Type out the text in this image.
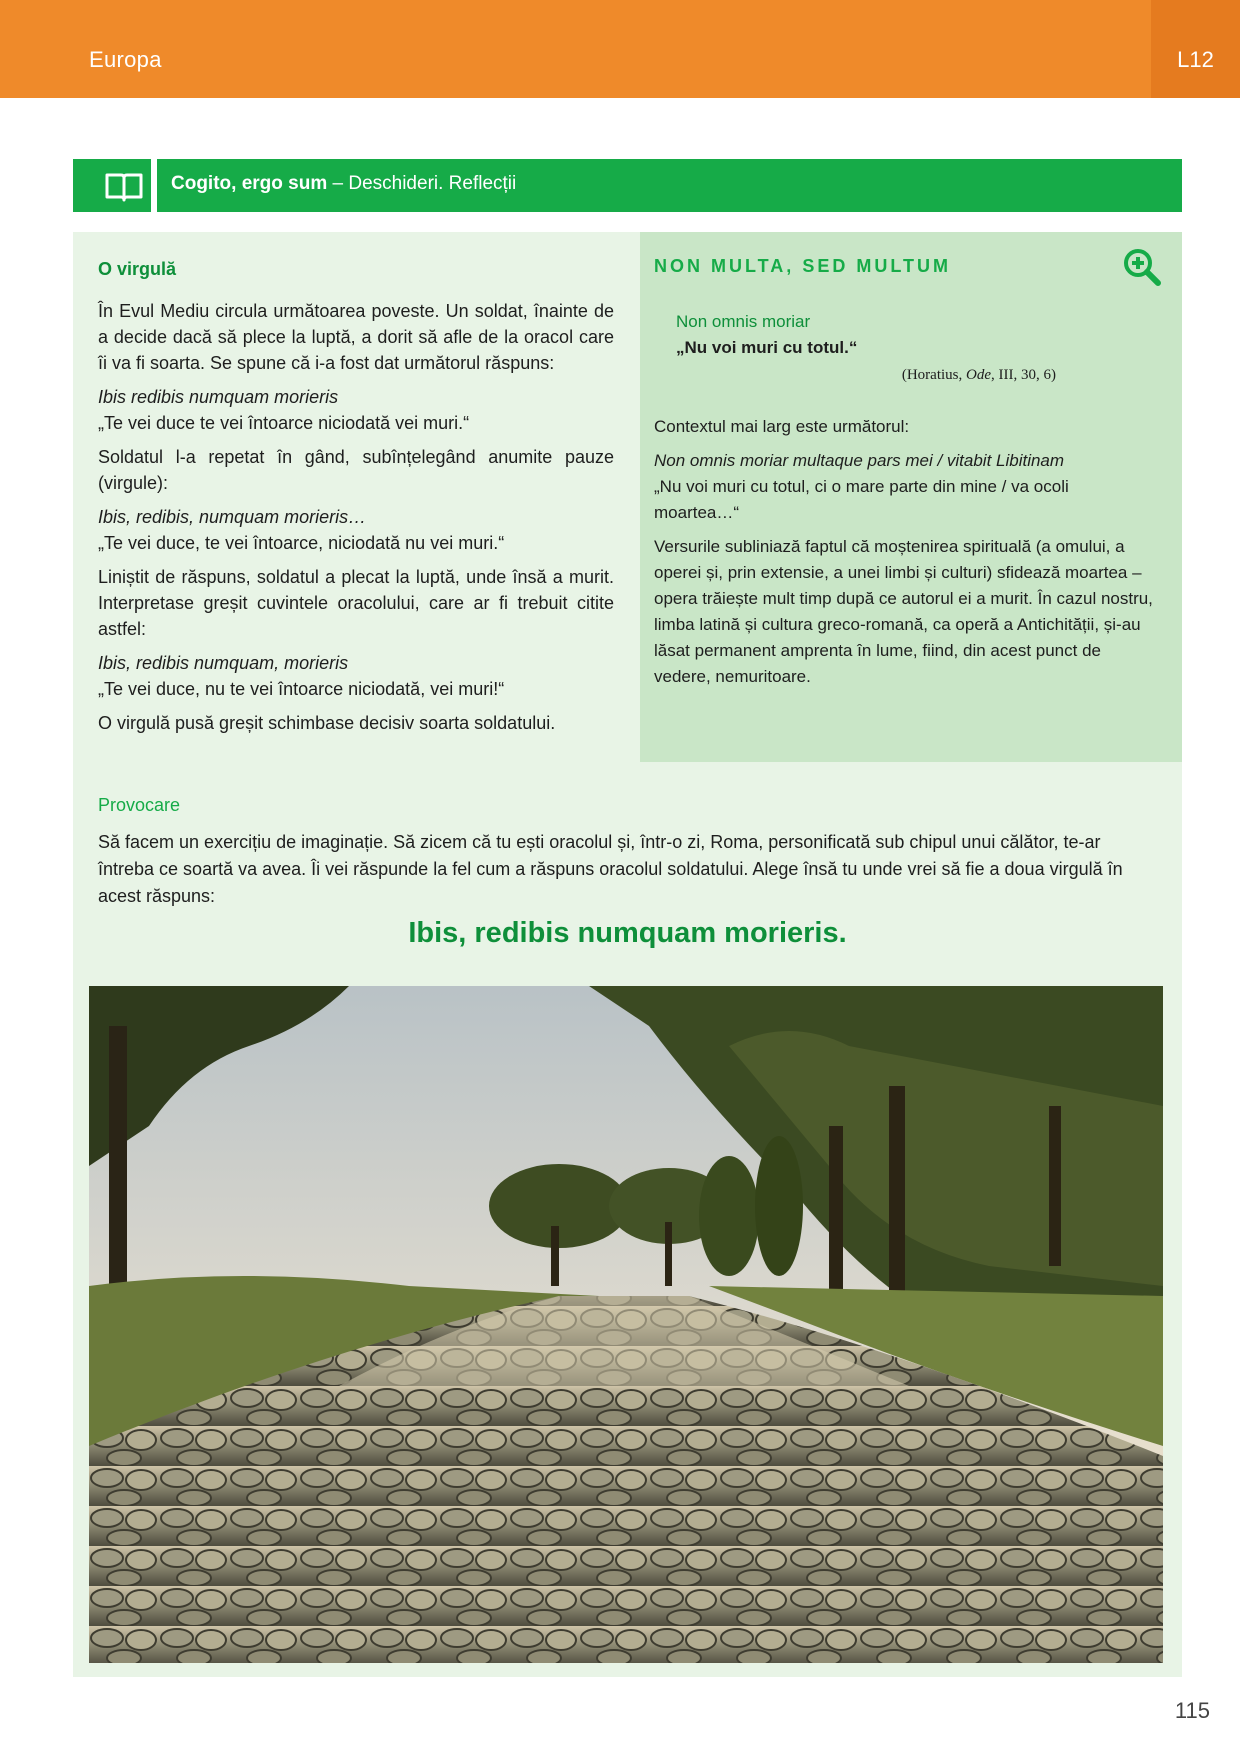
Europa	L12
Cogito, ergo sum – Deschideri. Reflecții
O virgulă

În Evul Mediu circula următoarea poveste. Un soldat, înainte de a decide dacă să plece la luptă, a dorit să afle de la oracol care îi va fi soarta. Se spune că i-a fost dat următorul răspuns:

Ibis redibis numquam morieris
„Te vei duce te vei întoarce niciodată vei muri.“

Soldatul l-a repetat în gând, subînțelegând anumite pauze (virgule):

Ibis, redibis, numquam morieris…
„Te vei duce, te vei întoarce, niciodată nu vei muri.“

Liniștit de răspuns, soldatul a plecat la luptă, unde însă a murit. Interpretase greșit cuvintele oracolului, care ar fi trebuit citite astfel:

Ibis, redibis numquam, morieris
„Te vei duce, nu te vei întoarce niciodată, vei muri!“

O virgulă pusă greșit schimbase decisiv soarta soldatului.

NON MULTA, SED MULTUM
Non omnis moriar
„Nu voi muri cu totul.“
(Horatius, Ode, III, 30, 6)

Contextul mai larg este următorul:

Non omnis moriar multaque pars mei / vitabit Libitinam
„Nu voi muri cu totul, ci o mare parte din mine / va ocoli moartea…“

Versurile subliniază faptul că moștenirea spirituală (a omului, a operei și, prin extensie, a unei limbi și culturi) sfidează moartea – opera trăiește mult timp după ce autorul ei a murit. În cazul nostru, limba latină și cultura greco-romană, ca operă a Antichității, și-au lăsat permanent amprenta în lume, fiind, din acest punct de vedere, nemuritoare.

Provocare

Să facem un exercițiu de imaginație. Să zicem că tu ești oracolul și, într-o zi, Roma, personificată sub chipul unui călător, te-ar întreba ce soartă va avea. Îi vei răspunde la fel cum a răspuns oracolul soldatului. Alege însă tu unde vrei să fie a doua virgulă în acest răspuns:

Ibis, redibis numquam morieris.
115
